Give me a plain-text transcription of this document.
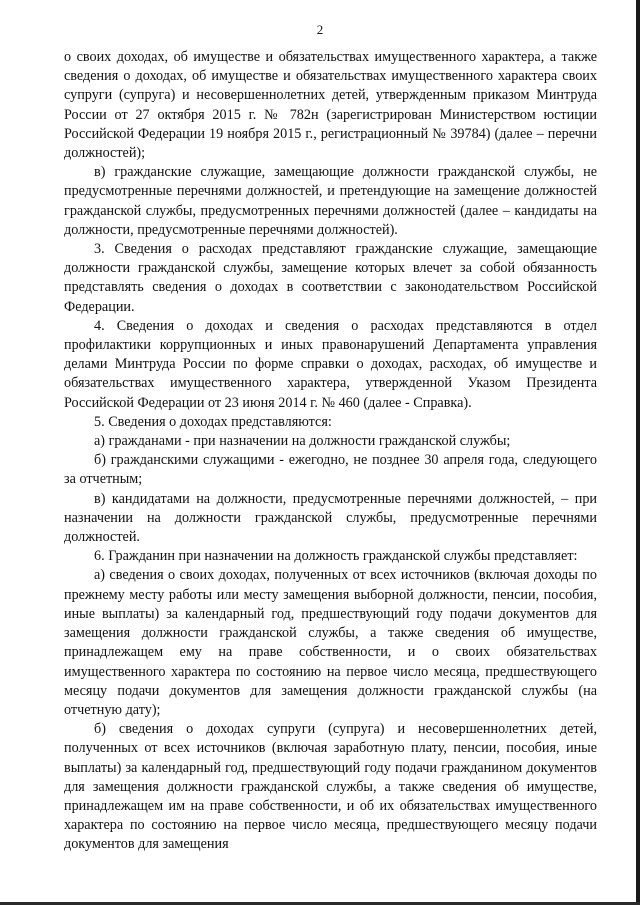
2

о своих доходах, об имуществе и обязательствах имущественного характера, а также сведения о доходах, об имуществе и обязательствах имущественного характера своих супруги (супруга) и несовершеннолетних детей, утвержденным приказом Минтруда России от 27 октября 2015 г. № 782н (зарегистрирован Министерством юстиции Российской Федерации 19 ноября 2015 г., регистрационный № 39784) (далее – перечни должностей);

в) гражданские служащие, замещающие должности гражданской службы, не предусмотренные перечнями должностей, и претендующие на замещение должностей гражданской службы, предусмотренных перечнями должностей (далее – кандидаты на должности, предусмотренные перечнями должностей).

3. Сведения о расходах представляют гражданские служащие, замещающие должности гражданской службы, замещение которых влечет за собой обязанность представлять сведения о доходах в соответствии с законодательством Российской Федерации.

4. Сведения о доходах и сведения о расходах представляются в отдел профилактики коррупционных и иных правонарушений Департамента управления делами Минтруда России по форме справки о доходах, расходах, об имуществе и обязательствах имущественного характера, утвержденной Указом Президента Российской Федерации от 23 июня 2014 г. № 460 (далее - Справка).

5. Сведения о доходах представляются:

а) гражданами - при назначении на должности гражданской службы;

б) гражданскими служащими - ежегодно, не позднее 30 апреля года, следующего за отчетным;

в) кандидатами на должности, предусмотренные перечнями должностей, – при назначении на должности гражданской службы, предусмотренные перечнями должностей.

6. Гражданин при назначении на должность гражданской службы представляет:

а) сведения о своих доходах, полученных от всех источников (включая доходы по прежнему месту работы или месту замещения выборной должности, пенсии, пособия, иные выплаты) за календарный год, предшествующий году подачи документов для замещения должности гражданской службы, а также сведения об имуществе, принадлежащем ему на праве собственности, и о своих обязательствах имущественного характера по состоянию на первое число месяца, предшествующего месяцу подачи документов для замещения должности гражданской службы (на отчетную дату);

б) сведения о доходах супруги (супруга) и несовершеннолетних детей, полученных от всех источников (включая заработную плату, пенсии, пособия, иные выплаты) за календарный год, предшествующий году подачи гражданином документов для замещения должности гражданской службы, а также сведения об имуществе, принадлежащем им на праве собственности, и об их обязательствах имущественного характера по состоянию на первое число месяца, предшествующего месяцу подачи документов для замещения
